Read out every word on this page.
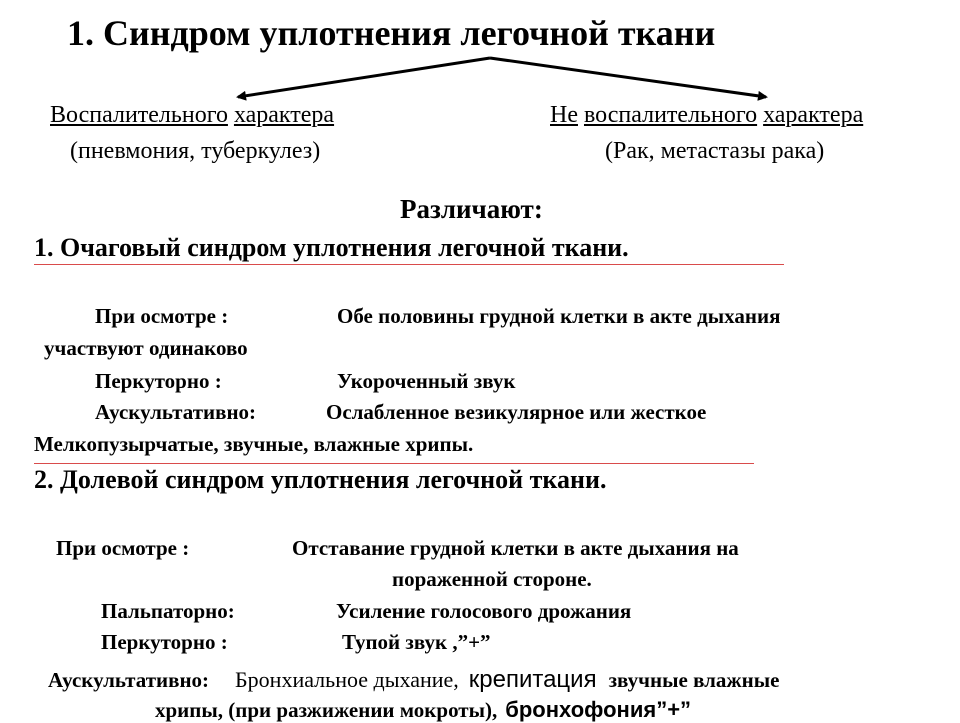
1. Синдром уплотнения легочной ткани
Воспалительного характера
(пневмония, туберкулез)
Не воспалительного характера
(Рак, метастазы рака)
Различают:
1. Очаговый синдром уплотнения легочной ткани.
При осмотре :	Обе половины грудной клетки в акте дыхания
участвуют одинаково
Перкуторно :	Укороченный звук
Аускультативно:	Ослабленное везикулярное или жесткое
Мелкопузырчатые, звучные, влажные хрипы.
2. Долевой синдром уплотнения легочной ткани.
При осмотре :	Отставание грудной клетки в акте дыхания на
пораженной стороне.
Пальпаторно:	Усиление голосового дрожания
Перкуторно :	Тупой звук ,”+”
Аускультативно: Бронхиальное дыхание, крепитация звучные влажные
хрипы, (при разжижении мокроты), бронхофония”+”
